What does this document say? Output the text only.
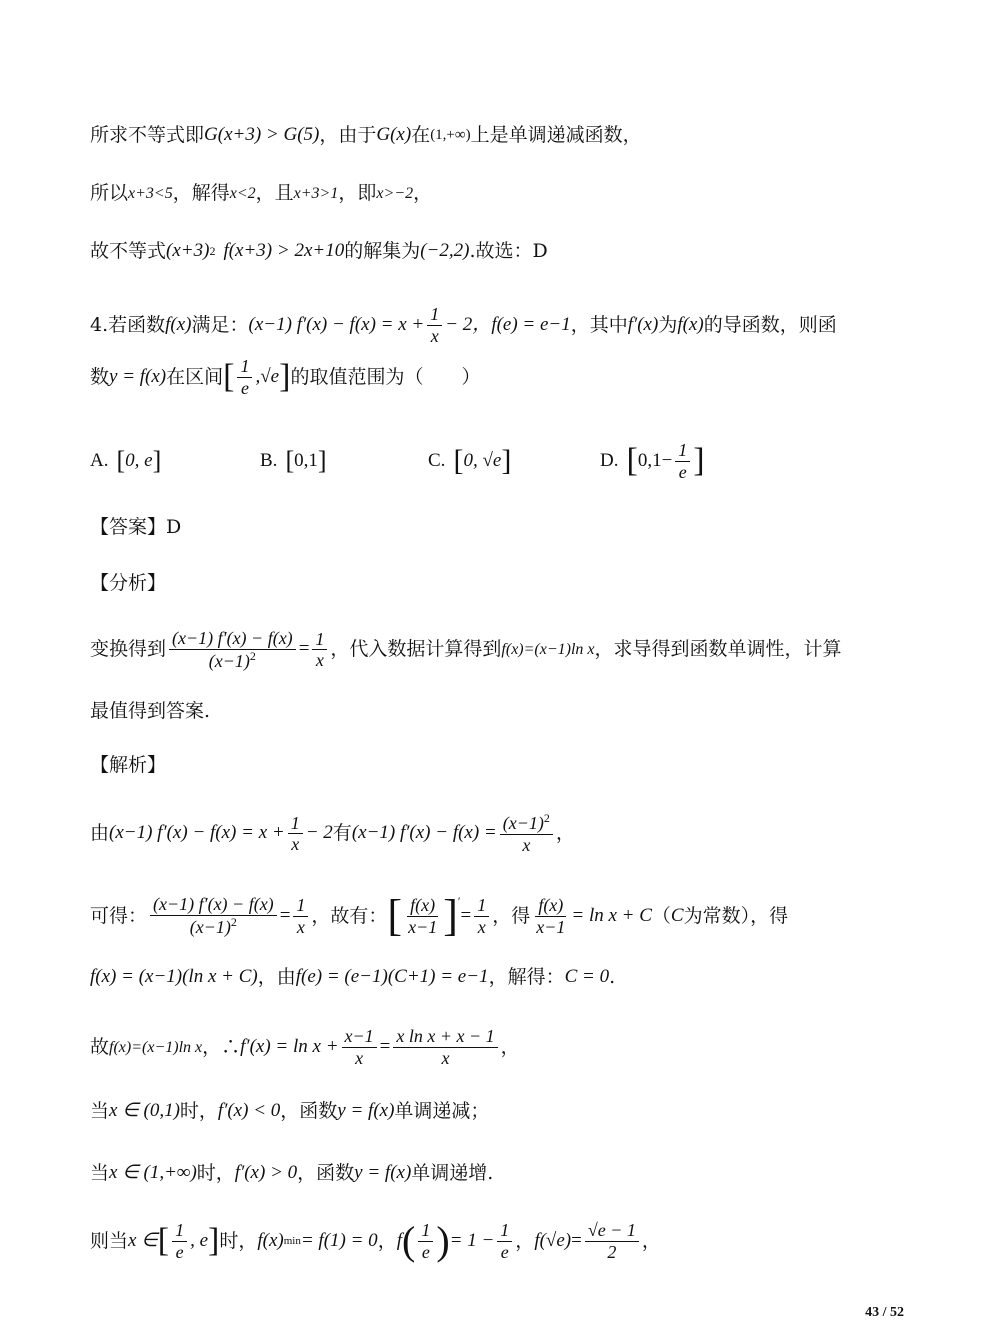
所求不等式即 G(x+3) > G(5) ，由于 G(x) 在 (1,+∞) 上是单调递减函数，
所以 x+3<5 ，解得 x<2 ，且 x+3>1 ，即 x>−2 ，
故不等式 (x+3) 2 f(x+3) > 2x+10 的解集为 (−2,2) .故选：D
4.若函数 f(x) 满足： (x−1) $f'(x) - f(x) = x + \frac{1}{x} - 2$， f(e) = e−1 ，其中 f′(x) 为 f(x) 的导函数，则函
数 y = f(x) 在区间 [ $\frac{1}{e} ,√e$ ] 的取值范围为（　　）
A. [ 0, e ]	B. [ 0,1 ]	C. [ 0, √e ]	D. [ $0,1- \frac{1}{e}$ ]
【答案】D
【分析】
变换得到 $\frac{(x-1) f'(x) - f(x)}{(x-1)^2} = \frac{1}{x}$ ，代入数据计算得到 f(x)=(x−1)ln x ，求导得到函数单调性，计算
最值得到答案.
【解析】
由 (x−1) $f'(x) - f(x) = x + \frac{1}{x} - 2$ 有 (x−1) $f'(x) - f(x) = \frac{(x-1)^2}{x}$ ，
可得： $\frac{(x-1) f'(x) - f(x)}{(x-1)^2} = \frac{1}{x}$ ，故有： [ $\frac{f(x)}{x-1} ]'$
= $\frac{1}{x}$ ，得 $\frac{f(x)}{x-1} = \ln x + C$ （ C 为常数），得
f(x) = (x−1)(ln x + C) ，由 f(e) = (e−1)(C+1) = e−1 ，解得： C = 0 .
故 f(x)=(x−1)ln x ，∴ $f'(x) = \ln x + \frac{x-1}{x} = \frac{\text{x ln x + x − 1}}{x}$ ，
当 x ∈ (0,1) 时， f′(x) < 0 ，函数 y = f(x) 单调递减；
当 x ∈ (1,+∞) 时， f′(x) > 0 ，函数 y = f(x) 单调递增.
则当 x ∈ [ $\frac{1}{e}$ , e ] 时， f(x) min = f(1) = 0 ， f ( $\frac{1}{e}$ ) = $1 - \frac{1}{e}$ ， f $(√e) = \frac{√e - 1}{2}$ ，
43 / 52
